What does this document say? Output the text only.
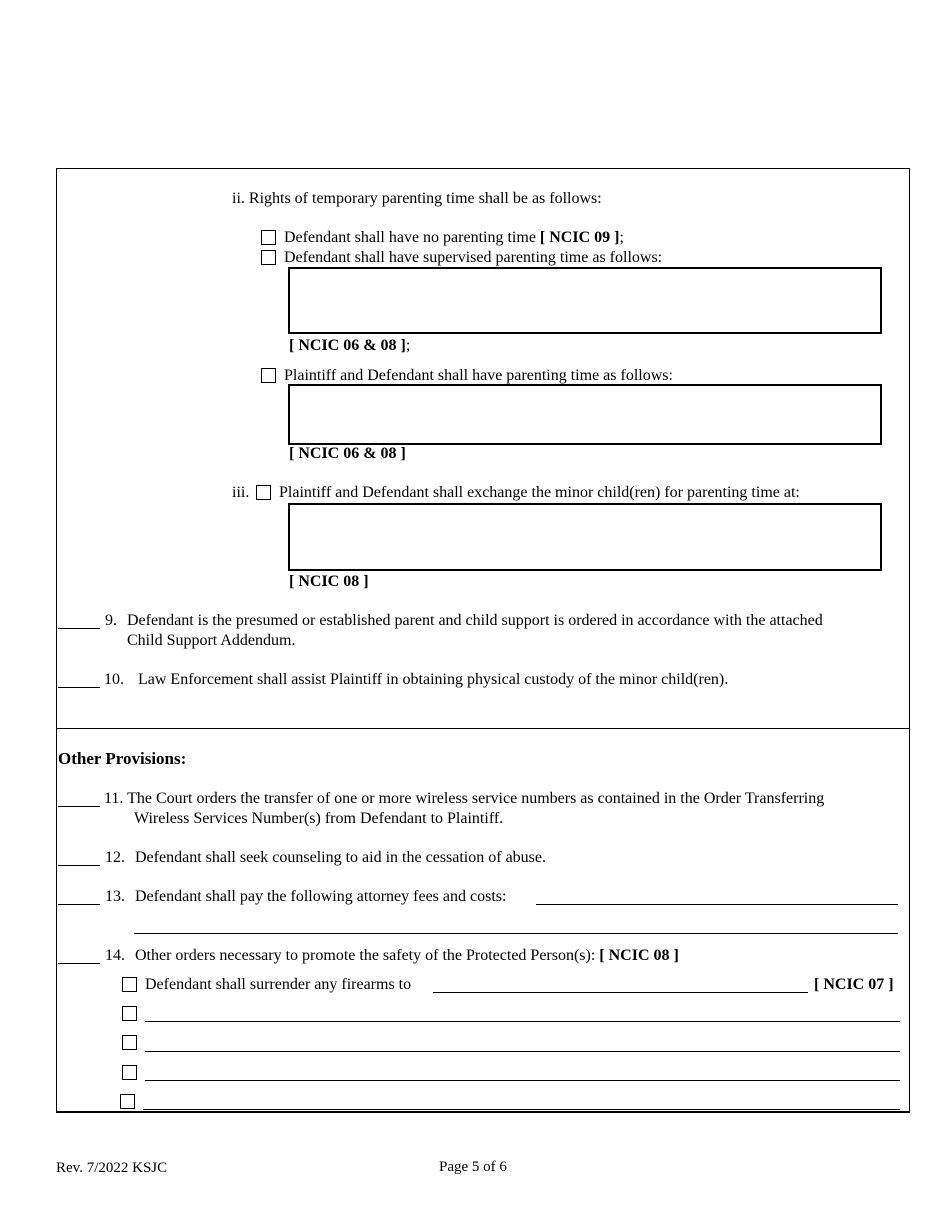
ii. Rights of temporary parenting time shall be as follows:
Defendant shall have no parenting time [ NCIC 09 ];
Defendant shall have supervised parenting time as follows:
[ NCIC 06 & 08 ];
Plaintiff and Defendant shall have parenting time as follows:
[ NCIC 06 & 08 ]
iii. Plaintiff and Defendant shall exchange the minor child(ren) for parenting time at:
[ NCIC 08 ]
9. Defendant is the presumed or established parent and child support is ordered in accordance with the attached
Child Support Addendum.
10. Law Enforcement shall assist Plaintiff in obtaining physical custody of the minor child(ren).
Other Provisions:
11. The Court orders the transfer of one or more wireless service numbers as contained in the Order Transferring
Wireless Services Number(s) from Defendant to Plaintiff.
12. Defendant shall seek counseling to aid in the cessation of abuse.
13. Defendant shall pay the following attorney fees and costs:
14. Other orders necessary to promote the safety of the Protected Person(s): [ NCIC 08 ]
Defendant shall surrender any firearms to	[ NCIC 07 ]
Rev. 7/2022 KSJC	Page 5 of 6
